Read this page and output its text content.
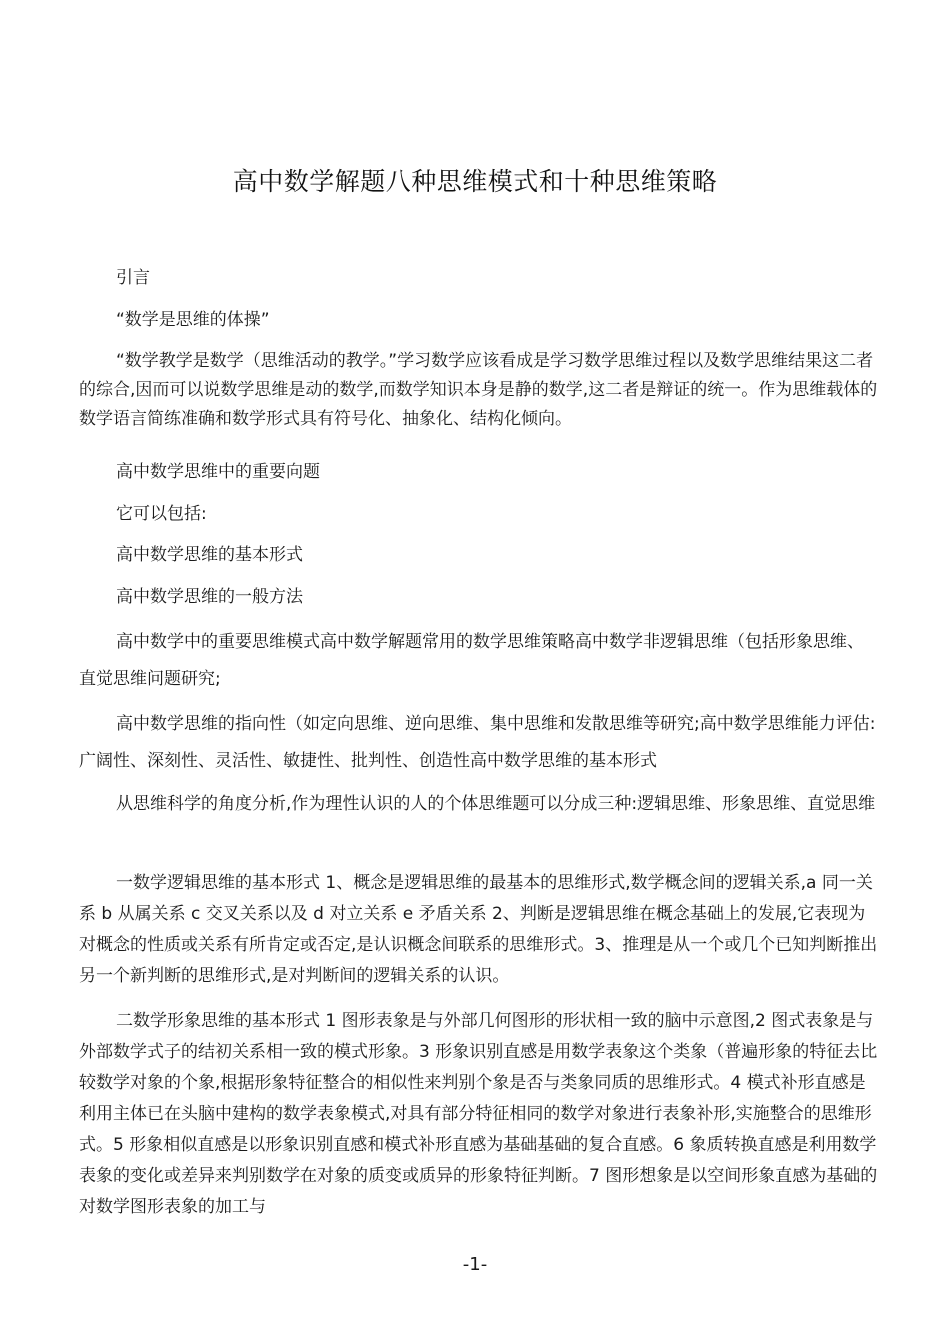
高中数学解题八种思维模式和十种思维策略

引言

“数学是思维的体操”

“数学教学是数学（思维活动的教学。”学习数学应该看成是学习数学思维过程以及数学思维结果这二者的综合,因而可以说数学思维是动的数学,而数学知识本身是静的数学,这二者是辩证的统一。作为思维载体的数学语言简练准确和数学形式具有符号化、抽象化、结构化倾向。

高中数学思维中的重要向题

它可以包括:

高中数学思维的基本形式

高中数学思维的一般方法

高中数学中的重要思维模式高中数学解题常用的数学思维策略高中数学非逻辑思维（包括形象思维、直觉思维问题研究;

高中数学思维的指向性（如定向思维、逆向思维、集中思维和发散思维等研究;高中数学思维能力评估:广阔性、深刻性、灵活性、敏捷性、批判性、创造性高中数学思维的基本形式

从思维科学的角度分析,作为理性认识的人的个体思维题可以分成三种:逻辑思维、形象思维、直觉思维

一数学逻辑思维的基本形式 1、概念是逻辑思维的最基本的思维形式,数学概念间的逻辑关系,a 同一关系 b 从属关系 c 交叉关系以及 d 对立关系 e 矛盾关系 2、判断是逻辑思维在概念基础上的发展,它表现为对概念的性质或关系有所肯定或否定,是认识概念间联系的思维形式。3、推理是从一个或几个已知判断推出另一个新判断的思维形式,是对判断间的逻辑关系的认识。

二数学形象思维的基本形式 1 图形表象是与外部几何图形的形状相一致的脑中示意图,2 图式表象是与外部数学式子的结初关系相一致的模式形象。3 形象识别直感是用数学表象这个类象（普遍形象的特征去比较数学对象的个象,根据形象特征整合的相似性来判别个象是否与类象同质的思维形式。4 模式补形直感是利用主体已在头脑中建构的数学表象模式,对具有部分特征相同的数学对象进行表象补形,实施整合的思维形式。5 形象相似直感是以形象识别直感和模式补形直感为基础基础的复合直感。6 象质转换直感是利用数学表象的变化或差异来判别数学在对象的质变或质异的形象特征判断。7 图形想象是以空间形象直感为基础的对数学图形表象的加工与

-1-
